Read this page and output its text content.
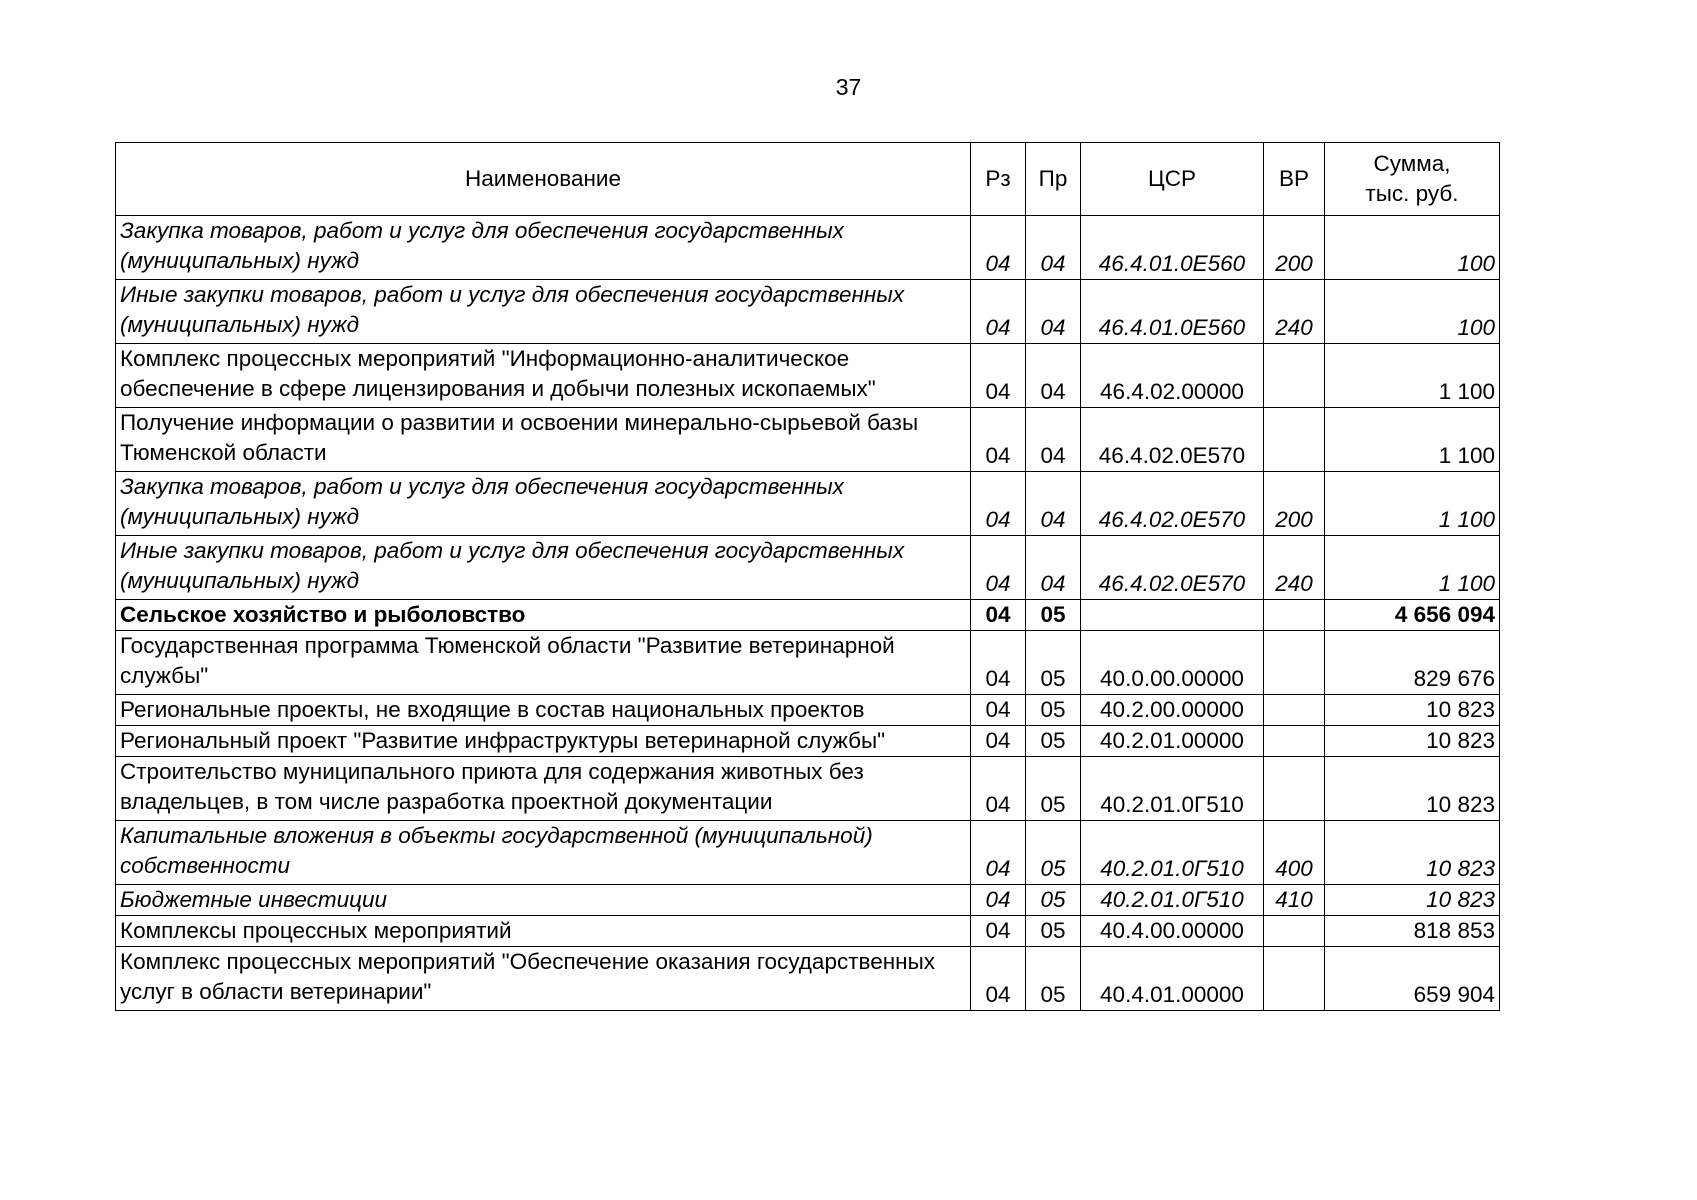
37
Наименование	Рз	Пр	ЦСР	ВР	Сумма,
тыс. руб.
Закупка товаров, работ и услуг для обеспечения государственных (муниципальных) нужд	04	04	46.4.01.0Е560	200	100
Иные закупки товаров, работ и услуг для обеспечения государственных (муниципальных) нужд	04	04	46.4.01.0Е560	240	100
Комплекс процессных мероприятий "Информационно-аналитическое обеспечение в сфере лицензирования и добычи полезных ископаемых"	04	04	46.4.02.00000		1 100
Получение информации о развитии и освоении минерально-сырьевой базы Тюменской области	04	04	46.4.02.0Е570		1 100
Закупка товаров, работ и услуг для обеспечения государственных (муниципальных) нужд	04	04	46.4.02.0Е570	200	1 100
Иные закупки товаров, работ и услуг для обеспечения государственных (муниципальных) нужд	04	04	46.4.02.0Е570	240	1 100
Сельское хозяйство и рыболовство	04	05			4 656 094
Государственная программа Тюменской области "Развитие ветеринарной службы"	04	05	40.0.00.00000		829 676
Региональные проекты, не входящие в состав национальных проектов	04	05	40.2.00.00000		10 823
Региональный проект "Развитие инфраструктуры ветеринарной службы"	04	05	40.2.01.00000		10 823
Строительство муниципального приюта для содержания животных без владельцев, в том числе разработка проектной документации	04	05	40.2.01.0Г510		10 823
Капитальные вложения в объекты государственной (муниципальной) собственности	04	05	40.2.01.0Г510	400	10 823
Бюджетные инвестиции	04	05	40.2.01.0Г510	410	10 823
Комплексы процессных мероприятий	04	05	40.4.00.00000		818 853
Комплекс процессных мероприятий "Обеспечение оказания государственных услуг в области ветеринарии"	04	05	40.4.01.00000		659 904
